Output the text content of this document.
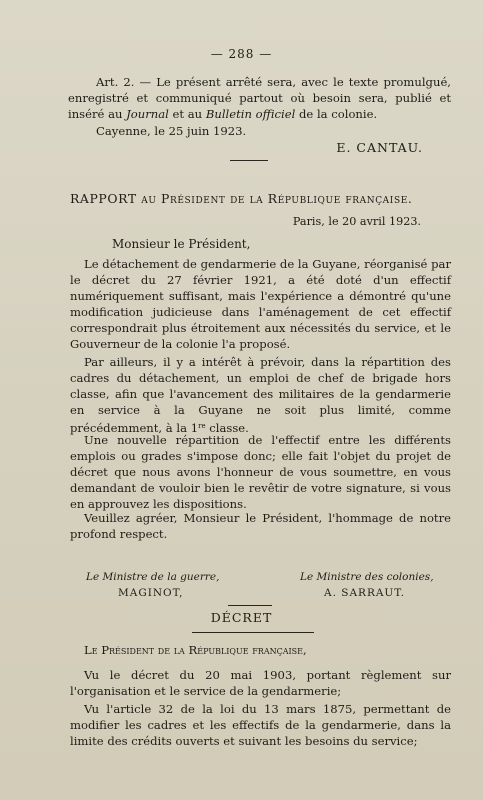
— 288 —
Art. 2. — Le présent arrêté sera, avec le texte promulgué, enregistré et communiqué partout où besoin sera, publié et inséré au Journal et au Bulletin officiel de la colonie.
Cayenne, le 25 juin 1923.
E. CANTAU.
RAPPORT au Président de la République française.
Paris, le 20 avril 1923.
Monsieur le Président,

Le détachement de gendarmerie de la Guyane, réorganisé par le décret du 27 février 1921, a été doté d'un effectif numériquement suffisant, mais l'expérience a démontré qu'une modification judicieuse dans l'aménagement de cet effectif correspondrait plus étroitement aux nécessités du service, et le Gouverneur de la colonie l'a proposé.

Par ailleurs, il y a intérêt à prévoir, dans la répartition des cadres du détachement, un emploi de chef de brigade hors classe, afin que l'avancement des militaires de la gendarmerie en service à la Guyane ne soit plus limité, comme précédemment, à la 1re classe.

Une nouvelle répartition de l'effectif entre les différents emplois ou grades s'impose donc; elle fait l'objet du projet de décret que nous avons l'honneur de vous soumettre, en vous demandant de vouloir bien le revêtir de votre signature, si vous en approuvez les dispositions.

Veuillez agréer, Monsieur le Président, l'hommage de notre profond respect.

Le Ministre de la guerre,	Le Ministre des colonies,
MAGINOT,	A. SARRAUT.
DÉCRET

Le Président de la République française,

Vu le décret du 20 mai 1903, portant règlement sur l'organisation et le service de la gendarmerie;

Vu l'article 32 de la loi du 13 mars 1875, permettant de modifier les cadres et les effectifs de la gendarmerie, dans la limite des crédits ouverts et suivant les besoins du service;
